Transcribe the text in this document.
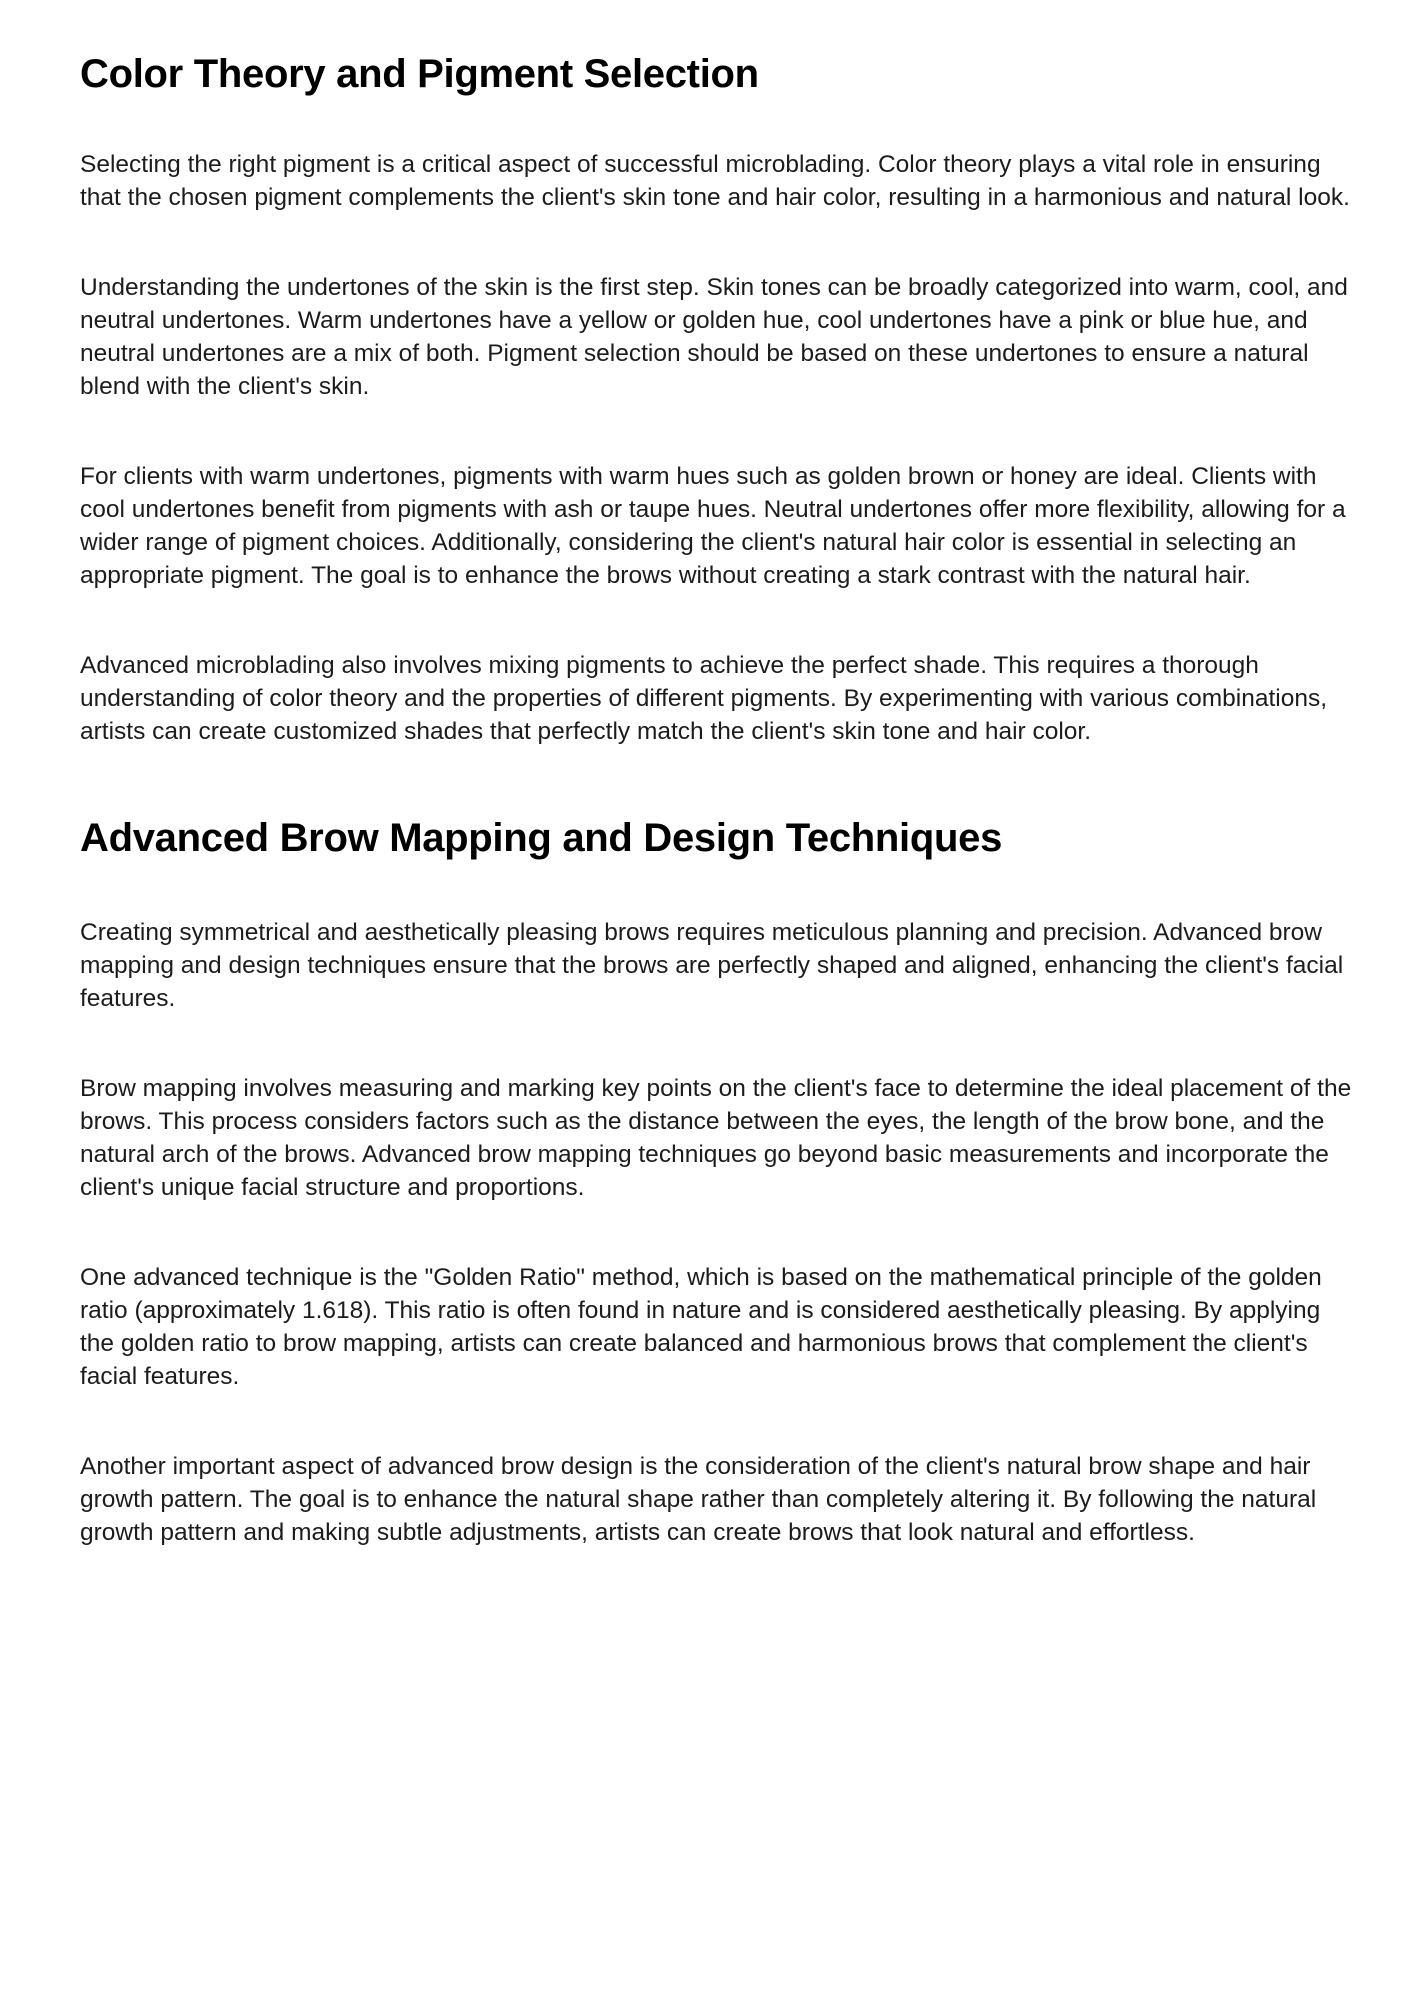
Color Theory and Pigment Selection

Selecting the right pigment is a critical aspect of successful microblading. Color theory plays a vital role in ensuring that the chosen pigment complements the client's skin tone and hair color, resulting in a harmonious and natural look.

Understanding the undertones of the skin is the first step. Skin tones can be broadly categorized into warm, cool, and neutral undertones. Warm undertones have a yellow or golden hue, cool undertones have a pink or blue hue, and neutral undertones are a mix of both. Pigment selection should be based on these undertones to ensure a natural blend with the client's skin.

For clients with warm undertones, pigments with warm hues such as golden brown or honey are ideal. Clients with cool undertones benefit from pigments with ash or taupe hues. Neutral undertones offer more flexibility, allowing for a wider range of pigment choices. Additionally, considering the client's natural hair color is essential in selecting an appropriate pigment. The goal is to enhance the brows without creating a stark contrast with the natural hair.

Advanced microblading also involves mixing pigments to achieve the perfect shade. This requires a thorough understanding of color theory and the properties of different pigments. By experimenting with various combinations, artists can create customized shades that perfectly match the client's skin tone and hair color.

Advanced Brow Mapping and Design Techniques

Creating symmetrical and aesthetically pleasing brows requires meticulous planning and precision. Advanced brow mapping and design techniques ensure that the brows are perfectly shaped and aligned, enhancing the client's facial features.

Brow mapping involves measuring and marking key points on the client's face to determine the ideal placement of the brows. This process considers factors such as the distance between the eyes, the length of the brow bone, and the natural arch of the brows. Advanced brow mapping techniques go beyond basic measurements and incorporate the client's unique facial structure and proportions.

One advanced technique is the "Golden Ratio" method, which is based on the mathematical principle of the golden ratio (approximately 1.618). This ratio is often found in nature and is considered aesthetically pleasing. By applying the golden ratio to brow mapping, artists can create balanced and harmonious brows that complement the client's facial features.

Another important aspect of advanced brow design is the consideration of the client's natural brow shape and hair growth pattern. The goal is to enhance the natural shape rather than completely altering it. By following the natural growth pattern and making subtle adjustments, artists can create brows that look natural and effortless.
